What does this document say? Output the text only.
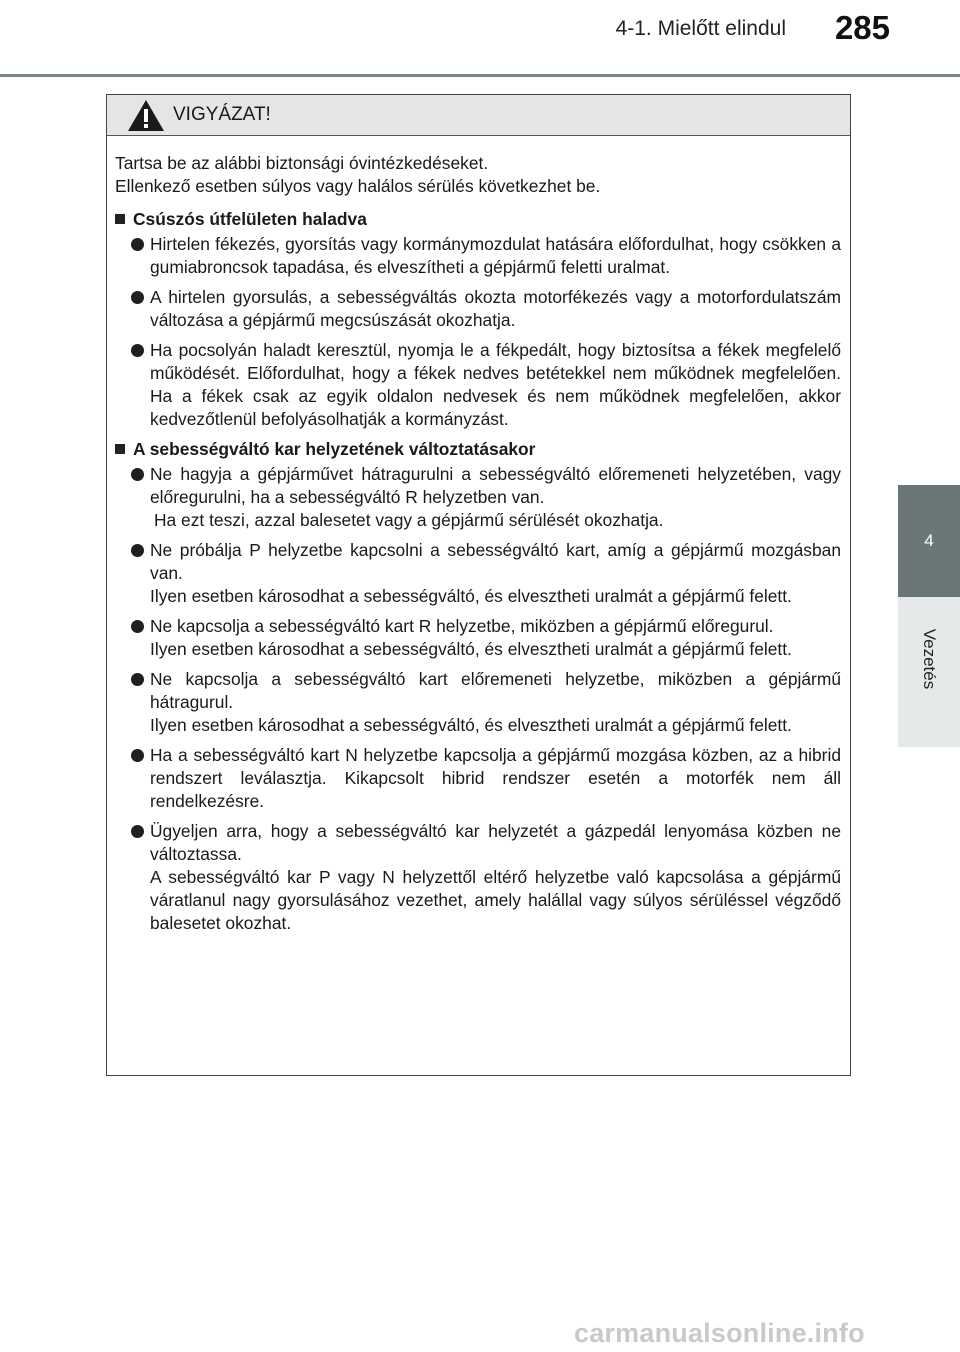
4-1. Mielőtt elindul	285
4
Vezetés
VIGYÁZAT!

Tartsa be az alábbi biztonsági óvintézkedéseket.

Ellenkező esetben súlyos vagy halálos sérülés következhet be.

Csúszós útfelületen haladva

Hirtelen fékezés, gyorsítás vagy kormánymozdulat hatására előfordulhat, hogy csökken a gumiabroncsok tapadása, és elveszítheti a gépjármű feletti uralmat.

A hirtelen gyorsulás, a sebességváltás okozta motorfékezés vagy a motorfordulatszám változása a gépjármű megcsúszását okozhatja.

Ha pocsolyán haladt keresztül, nyomja le a fékpedált, hogy biztosítsa a fékek megfelelő működését. Előfordulhat, hogy a fékek nedves betétekkel nem működnek megfelelően. Ha a fékek csak az egyik oldalon nedvesek és nem működnek megfelelően, akkor kedvezőtlenül befolyásolhatják a kormányzást.

A sebességváltó kar helyzetének változtatásakor

Ne hagyja a gépjárművet hátragurulni a sebességváltó előremeneti helyzetében, vagy előregurulni, ha a sebességváltó R helyzetben van.

Ha ezt teszi, azzal balesetet vagy a gépjármű sérülését okozhatja.

Ne próbálja P helyzetbe kapcsolni a sebességváltó kart, amíg a gépjármű mozgásban van.

Ilyen esetben károsodhat a sebességváltó, és elvesztheti uralmát a gépjármű felett.

Ne kapcsolja a sebességváltó kart R helyzetbe, miközben a gépjármű előregurul.

Ilyen esetben károsodhat a sebességváltó, és elvesztheti uralmát a gépjármű felett.

Ne kapcsolja a sebességváltó kart előremeneti helyzetbe, miközben a gépjármű hátragurul.

Ilyen esetben károsodhat a sebességváltó, és elvesztheti uralmát a gépjármű felett.

Ha a sebességváltó kart N helyzetbe kapcsolja a gépjármű mozgása közben, az a hibrid rendszert leválasztja. Kikapcsolt hibrid rendszer esetén a motorfék nem áll rendelkezésre.

Ügyeljen arra, hogy a sebességváltó kar helyzetét a gázpedál lenyomása közben ne változtassa.

A sebességváltó kar P vagy N helyzettől eltérő helyzetbe való kapcsolása a gépjármű váratlanul nagy gyorsulásához vezethet, amely halállal vagy súlyos sérüléssel végződő balesetet okozhat.

carmanualsonline.info
